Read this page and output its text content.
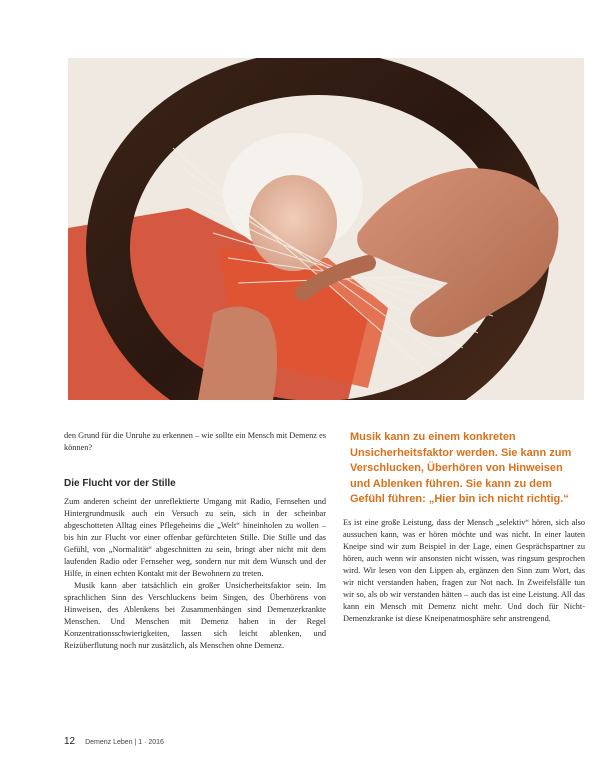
den Grund für die Unruhe zu erkennen – wie sollte ein Mensch mit Demenz es können?

Die Flucht vor der Stille

Zum anderen scheint der unreflektierte Umgang mit Radio, Fernsehen und Hintergrundmusik auch ein Versuch zu sein, sich in der scheinbar abgeschotteten Alltag eines Pflegeheims die „Welt“ hineinholen zu wollen – bis hin zur Flucht vor einer offenbar gefürchteten Stille. Die Stille und das Gefühl, von „Normalität“ abgeschnitten zu sein, bringt aber nicht mit dem laufenden Radio oder Fernseher weg, sondern nur mit dem Wunsch und der Hilfe, in einen echten Kontakt mit der Bewohnern zu treten.

Musik kann aber tatsächlich ein großer Unsicherheitsfaktor sein. Im sprachlichen Sinn des Verschluckens beim Singen, des Überhörens von Hinweisen, des Ablenkens bei Zusammenhängen sind Demenzerkrankte Menschen. Und Menschen mit Demenz haben in der Regel Konzentrationsschwierigkeiten, lassen sich leicht ablenken, und Reizüberflutung noch nur zusätzlich, als Menschen ohne Demenz.

Musik kann zu einem konkreten Unsicherheitsfaktor werden. Sie kann zum Verschlucken, Überhören von Hinweisen und Ablenken führen. Sie kann zu dem Gefühl führen: „Hier bin ich nicht richtig.“

Es ist eine große Leistung, dass der Mensch „selektiv“ hören, sich also aussuchen kann, was er hören möchte und was nicht. In einer lauten Kneipe sind wir zum Beispiel in der Lage, einen Gesprächspartner zu hören, auch wenn wir ansonsten nicht wissen, was ringsum gesprochen wird. Wir lesen von den Lippen ab, ergänzen den Sinn zum Wort, das wir nicht verstanden haben, fragen zur Not nach. In Zweifelsfälle tun wir so, als ob wir verstanden hätten – auch das ist eine Leistung. All das kann ein Mensch mit Demenz nicht mehr. Und doch für Nicht-Demenzkranke ist diese Kneipenatmosphäre sehr anstrengend.

12 Demenz Leben | 1 · 2016
